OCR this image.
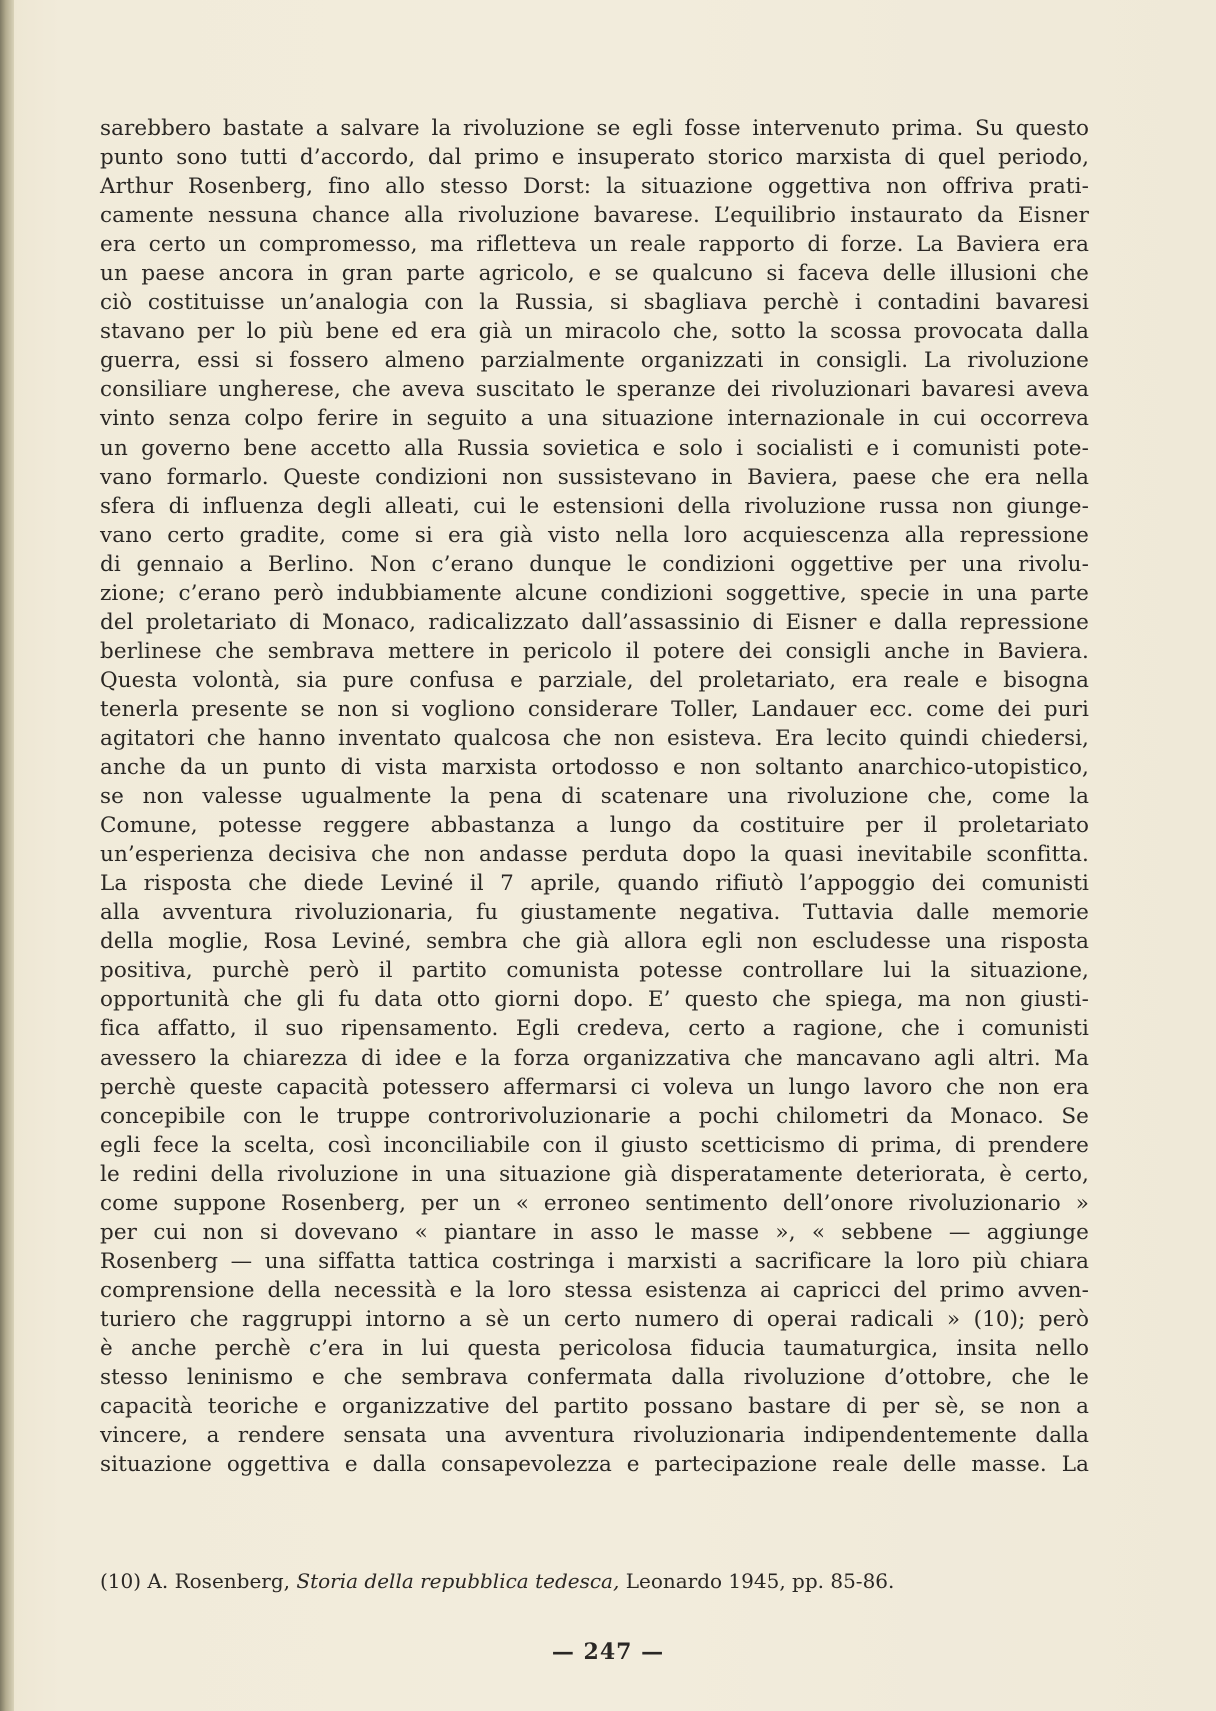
sarebbero bastate a salvare la rivoluzione se egli fosse intervenuto prima. Su questo
punto sono tutti d’accordo, dal primo e insuperato storico marxista di quel periodo,
Arthur Rosenberg, fino allo stesso Dorst: la situazione oggettiva non offriva prati-
camente nessuna chance alla rivoluzione bavarese. L’equilibrio instaurato da Eisner
era certo un compromesso, ma rifletteva un reale rapporto di forze. La Baviera era
un paese ancora in gran parte agricolo, e se qualcuno si faceva delle illusioni che
ciò costituisse un’analogia con la Russia, si sbagliava perchè i contadini bavaresi
stavano per lo più bene ed era già un miracolo che, sotto la scossa provocata dalla
guerra, essi si fossero almeno parzialmente organizzati in consigli. La rivoluzione
consiliare ungherese, che aveva suscitato le speranze dei rivoluzionari bavaresi aveva
vinto senza colpo ferire in seguito a una situazione internazionale in cui occorreva
un governo bene accetto alla Russia sovietica e solo i socialisti e i comunisti pote-
vano formarlo. Queste condizioni non sussistevano in Baviera, paese che era nella
sfera di influenza degli alleati, cui le estensioni della rivoluzione russa non giunge-
vano certo gradite, come si era già visto nella loro acquiescenza alla repressione
di gennaio a Berlino. Non c’erano dunque le condizioni oggettive per una rivolu-
zione; c’erano però indubbiamente alcune condizioni soggettive, specie in una parte
del proletariato di Monaco, radicalizzato dall’assassinio di Eisner e dalla repressione
berlinese che sembrava mettere in pericolo il potere dei consigli anche in Baviera.
Questa volontà, sia pure confusa e parziale, del proletariato, era reale e bisogna
tenerla presente se non si vogliono considerare Toller, Landauer ecc. come dei puri
agitatori che hanno inventato qualcosa che non esisteva. Era lecito quindi chiedersi,
anche da un punto di vista marxista ortodosso e non soltanto anarchico-utopistico,
se non valesse ugualmente la pena di scatenare una rivoluzione che, come la
Comune, potesse reggere abbastanza a lungo da costituire per il proletariato
un’esperienza decisiva che non andasse perduta dopo la quasi inevitabile sconfitta.
La risposta che diede Leviné il 7 aprile, quando rifiutò l’appoggio dei comunisti
alla avventura rivoluzionaria, fu giustamente negativa. Tuttavia dalle memorie
della moglie, Rosa Leviné, sembra che già allora egli non escludesse una risposta
positiva, purchè però il partito comunista potesse controllare lui la situazione,
opportunità che gli fu data otto giorni dopo. E’ questo che spiega, ma non giusti-
fica affatto, il suo ripensamento. Egli credeva, certo a ragione, che i comunisti
avessero la chiarezza di idee e la forza organizzativa che mancavano agli altri. Ma
perchè queste capacità potessero affermarsi ci voleva un lungo lavoro che non era
concepibile con le truppe controrivoluzionarie a pochi chilometri da Monaco. Se
egli fece la scelta, così inconciliabile con il giusto scetticismo di prima, di prendere
le redini della rivoluzione in una situazione già disperatamente deteriorata, è certo,
come suppone Rosenberg, per un « erroneo sentimento dell’onore rivoluzionario »
per cui non si dovevano « piantare in asso le masse », « sebbene — aggiunge
Rosenberg — una siffatta tattica costringa i marxisti a sacrificare la loro più chiara
comprensione della necessità e la loro stessa esistenza ai capricci del primo avven-
turiero che raggruppi intorno a sè un certo numero di operai radicali » (10); però
è anche perchè c’era in lui questa pericolosa fiducia taumaturgica, insita nello
stesso leninismo e che sembrava confermata dalla rivoluzione d’ottobre, che le
capacità teoriche e organizzative del partito possano bastare di per sè, se non a
vincere, a rendere sensata una avventura rivoluzionaria indipendentemente dalla
situazione oggettiva e dalla consapevolezza e partecipazione reale delle masse. La
(10) A. Rosenberg, Storia della repubblica tedesca, Leonardo 1945, pp. 85-86.
— 247 —
